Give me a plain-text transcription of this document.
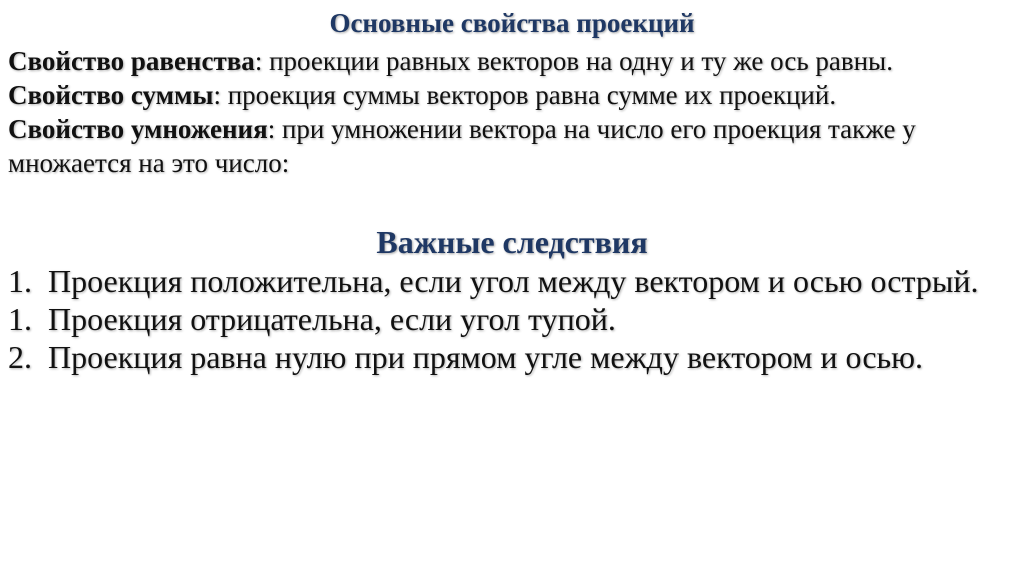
Основные свойства проекций

Свойство равенства: проекции равных векторов на одну и ту же ось равны.

Свойство суммы: проекция суммы векторов равна сумме их проекций.

Свойство умножения: при умножении вектора на число его проекция также у множается на это число:

Важные следствия

1. Проекция положительна, если угол между вектором и осью острый.

1. Проекция отрицательна, если угол тупой.

2. Проекция равна нулю при прямом угле между вектором и осью.
